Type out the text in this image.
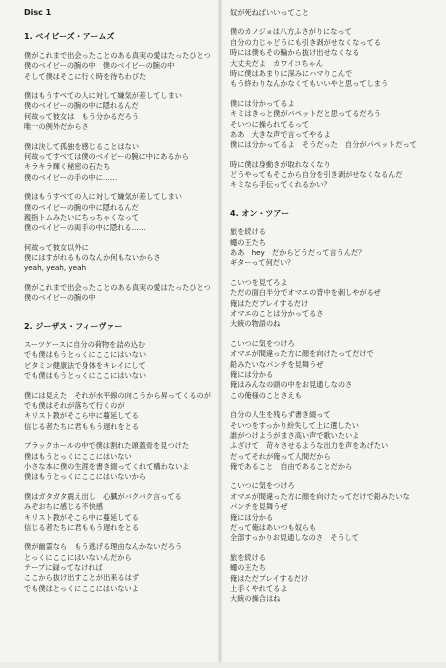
Disc 1
1. ベイビーズ・アームズ
僕がこれまで出会ったことのある真実の愛はたったひとつ
僕のベイビーの腕の中　僕のベイビーの腕の中
そして僕はそこに行く時を待ちわびた
僕はもうすべての人に対して嫌気が差してしまい
僕のベイビーの腕の中に隠れるんだ
何故って彼女は　もう分かるだろう
唯一の例外だからさ
僕は決して孤独を感じることはない
何故ってすべては僕のベイビーの腕に中にあるから
キラキラ輝く秘密の石たち
僕のベイビーの手の中に……
僕はもうすべての人に対して嫌気が差してしまい
僕のベイビーの腕の中に隠れるんだ
親指トムみたいにちっちゃくなって
僕のベイビーの両手の中に隠れる……
何故って彼女以外に
僕にはすがれるものなんか何もないからさ
yeah, yeah, yeah
僕がこれまで出会ったことのある真実の愛はたったひとつ
僕のベイビーの腕の中
2. ジーザス・フィーヴァー
スーツケースに自分の荷物を詰め込む
でも僕はもうとっくにここにはいない
ビタミン健康法で身体をキレイにして
でも僕はもうとっくにここにはいない
僕には見えた　それが水平線の向こうから昇ってくるのが
でも僕はそれが落ちて行くのが
キリスト教がそこら中に蔓延してる
信じる者たちに君ももう遅れをとる
ブラックホールの中で僕は割れた頭蓋骨を見つけた
僕はもうとっくにここにはいない
小さな本に僕の生涯を書き綴ってくれて構わないよ
僕はもうとっくにここにはいないから
僕はガタガタ震え出し　心臓がバクバク言ってる
みぞおちに感じる不快感
キリスト教がそこら中に蔓延してる
信じる者たちに君ももう遅れをとる
僕が幽霊なら　もう逃げる理由なんかないだろう
とっくにここにはいないんだから
テープに録ってなければ
ここから抜け出すことが出来るはず
でも僕はとっくにここにはいないよ
奴が死ねばいいってこと
僕のカノジョは八方ふさがりになって
自分の力じゃどうにも引き剥がせなくなってる
時には僕もその輪から抜け出せなくなる
大丈夫だよ　カワイコちゃん
時に僕はあまりに深みにハマりこんで
もう終わりなんかなくてもいいやと思ってしまう
僕には分かってるよ
キミはきっと僕がパペットだと思ってるだろう
そいつに操られてるって
ああ　大きな声で言ってやるよ
僕には分かってるよ　そうだった　自分がパペットだって
時に僕は身動きが取れなくなり
どうやってもそこから自分を引き剥がせなくなるんだ
キミなら手伝ってくれるかい？
4. オン・ツアー
旅を続ける
蠅の王たち
ああ　hey　だからどうだって言うんだ？
ギターって何だい？
こいつを見てろよ
ただの面白半分でオマエの背中を刺しやがるぜ
俺はただプレイするだけ
オマエのことは分かってるさ
大統の物語のね
こいつに気をつけろ
オマエが間違った方に顔を向けたってだけで
鉛みたいなパンチを見舞うぜ
俺には分かる
俺はみんなの頭の中をお見通しなのさ
この俺様のことさえも
自分の人生を残らず書き綴って
そいつをすっかり紛失して上に遺したい
誰がつけようがまさ高い声で歌いたいよ
ふざけて　苛々させるような出力を声をあげたい
だってそれが俺って人間だから
俺であること　自由であることだから
こいつに気をつけろ
オマエが間違った方に顔を向けたってだけで鉛みたいな
パンチを見舞うぜ
俺には分かる
だって俺はあいつも奴らも
全部すっかりお見通しなのさ　そうして
旅を続ける
蠅の王たち
俺はただプレイするだけ
上手くやれてるよ
大統の操合はね
